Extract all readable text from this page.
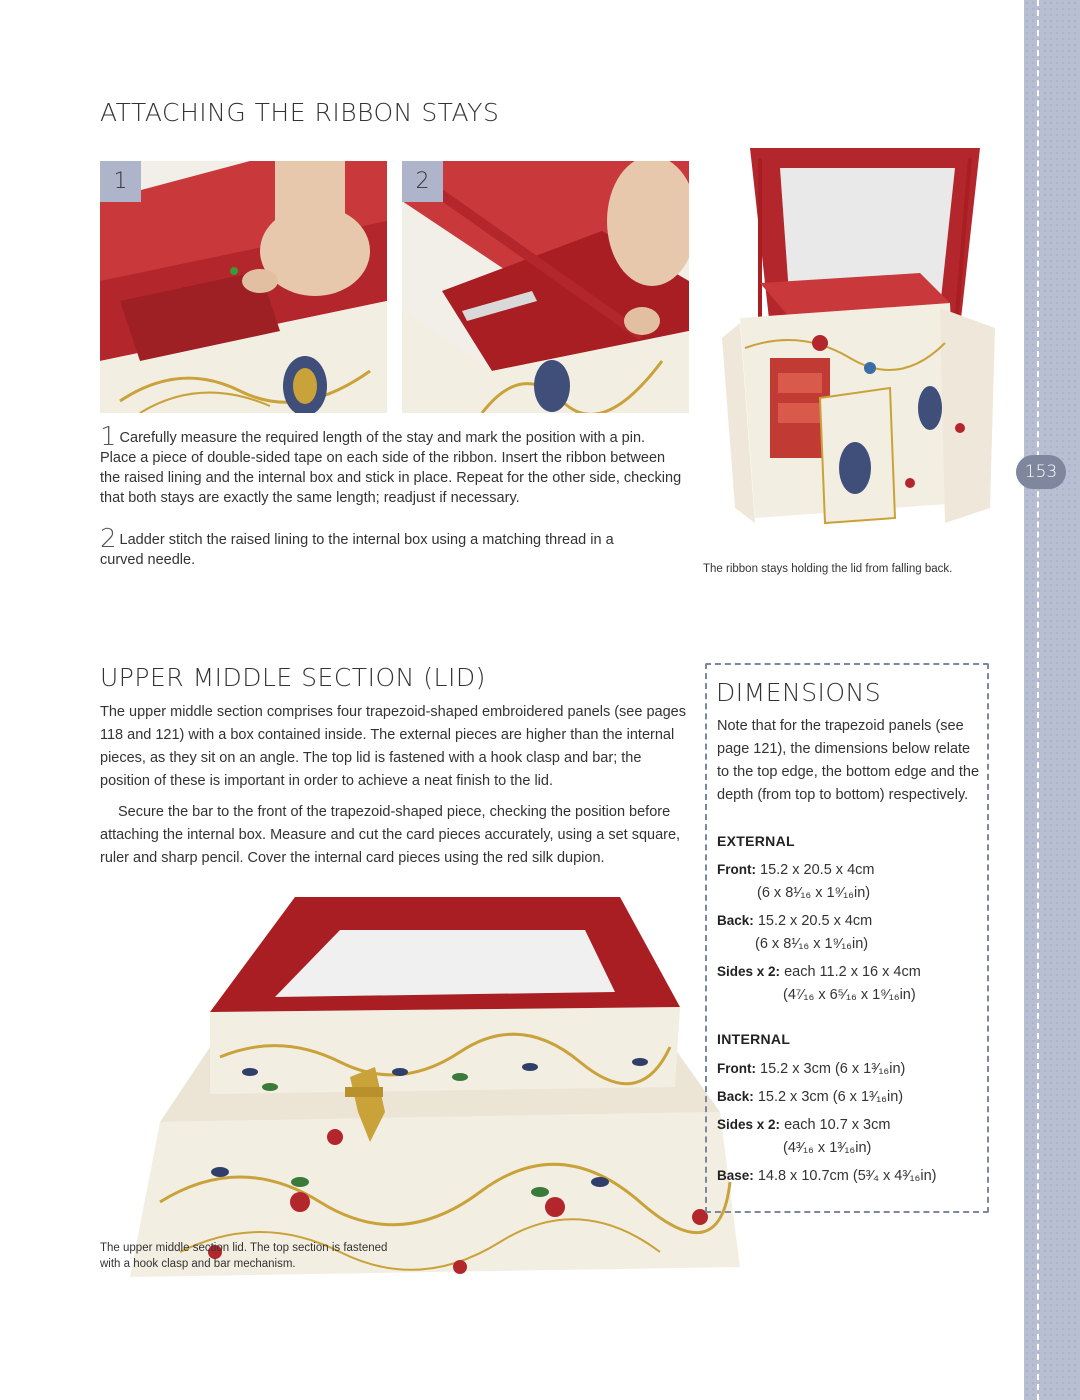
153
ATTACHING THE RIBBON STAYS
1	2
1 Carefully measure the required length of the stay and mark the position with a pin. Place a piece of double-sided tape on each side of the ribbon. Insert the ribbon between the raised lining and the internal box and stick in place. Repeat for the other side, checking that both stays are exactly the same length; readjust if necessary.
2 Ladder stitch the raised lining to the internal box using a matching thread in a curved needle.
The ribbon stays holding the lid from falling back.
UPPER MIDDLE SECTION (LID)

The upper middle section comprises four trapezoid-shaped embroidered panels (see pages 118 and 121) with a box contained inside. The external pieces are higher than the internal pieces, as they sit on an angle. The top lid is fastened with a hook clasp and bar; the position of these is important in order to achieve a neat finish to the lid.

Secure the bar to the front of the trapezoid-shaped piece, checking the position before attaching the internal box. Measure and cut the card pieces accurately, using a set square, ruler and sharp pencil. Cover the internal card pieces using the red silk dupion.

The upper middle section lid. The top section is fastened with a hook clasp and bar mechanism.
DIMENSIONS
Note that for the trapezoid panels (see page 121), the dimensions below relate to the top edge, the bottom edge and the depth (from top to bottom) respectively.
EXTERNAL
Front: 15.2 x 20.5 x 4cm
(6 x 8¹⁄₁₆ x 1⁹⁄₁₆in)
Back: 15.2 x 20.5 x 4cm
(6 x 8¹⁄₁₆ x 1⁹⁄₁₆in)
Sides x 2: each 11.2 x 16 x 4cm
(4⁷⁄₁₆ x 6⁵⁄₁₆ x 1⁹⁄₁₆in)
INTERNAL
Front: 15.2 x 3cm (6 x 1³⁄₁₆in)
Back: 15.2 x 3cm (6 x 1³⁄₁₆in)
Sides x 2: each 10.7 x 3cm
(4³⁄₁₆ x 1³⁄₁₆in)
Base: 14.8 x 10.7cm (5³⁄₄ x 4³⁄₁₆in)
